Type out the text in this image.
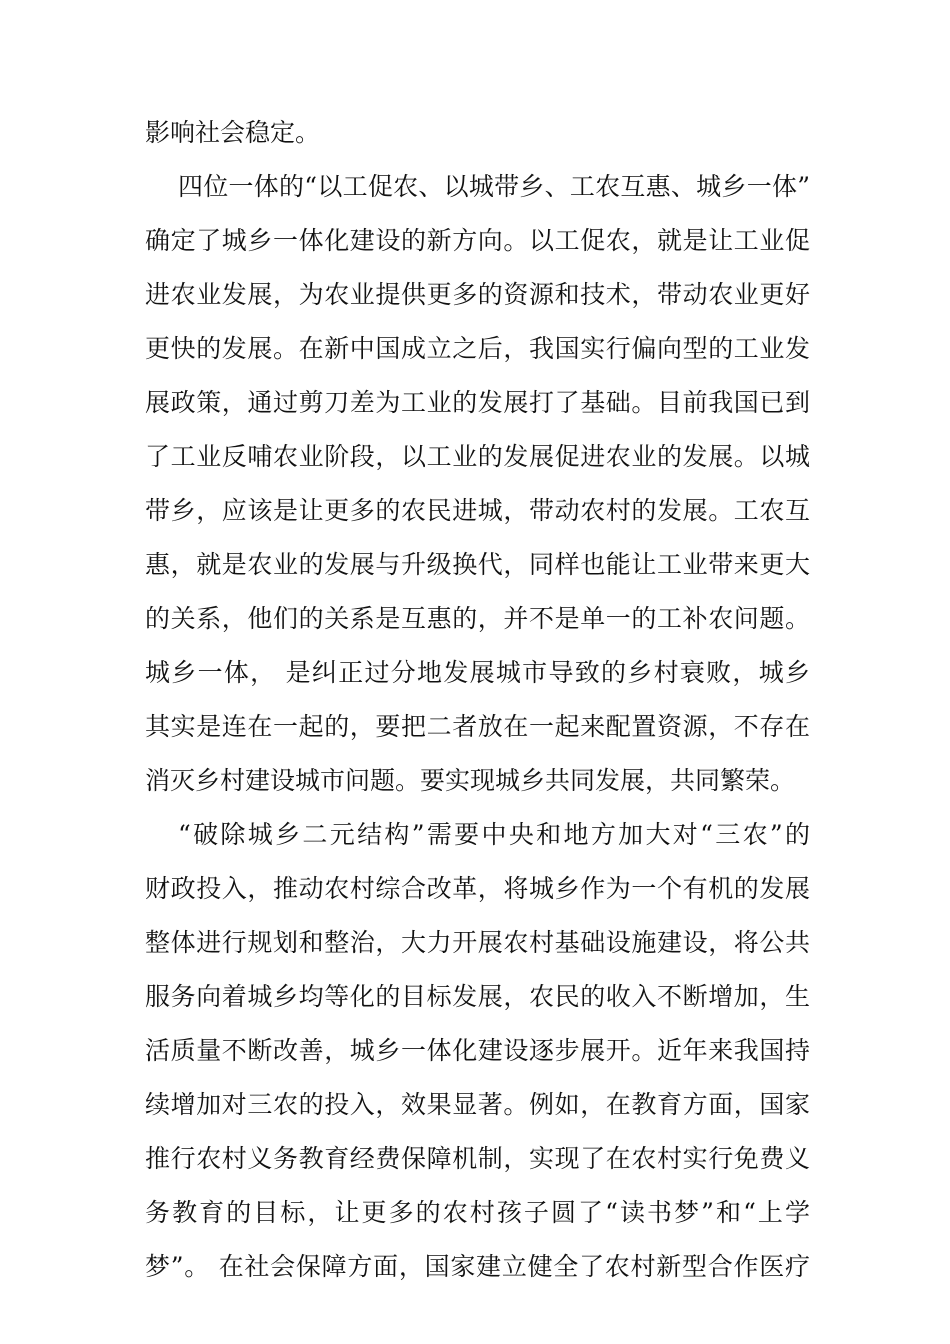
影响社会稳定。

四位一体的“以工促农、以城带乡、工农互惠、城乡一体”

确定了城乡一体化建设的新方向。以工促农，就是让工业促

进农业发展，为农业提供更多的资源和技术，带动农业更好

更快的发展。在新中国成立之后，我国实行偏向型的工业发

展政策，通过剪刀差为工业的发展打了基础。目前我国已到

了工业反哺农业阶段，以工业的发展促进农业的发展。以城

带乡，应该是让更多的农民进城，带动农村的发展。工农互

惠，就是农业的发展与升级换代，同样也能让工业带来更大

的关系，他们的关系是互惠的，并不是单一的工补农问题。

城乡一体， 是纠正过分地发展城市导致的乡村衰败，城乡

其实是连在一起的，要把二者放在一起来配置资源，不存在

消灭乡村建设城市问题。要实现城乡共同发展，共同繁荣。

“破除城乡二元结构”需要中央和地方加大对“三农”的

财政投入，推动农村综合改革，将城乡作为一个有机的发展

整体进行规划和整治，大力开展农村基础设施建设，将公共

服务向着城乡均等化的目标发展，农民的收入不断增加，生

活质量不断改善，城乡一体化建设逐步展开。近年来我国持

续增加对三农的投入，效果显著。例如，在教育方面，国家

推行农村义务教育经费保障机制，实现了在农村实行免费义

务教育的目标，让更多的农村孩子圆了“读书梦”和“上学

梦”。 在社会保障方面，国家建立健全了农村新型合作医疗
